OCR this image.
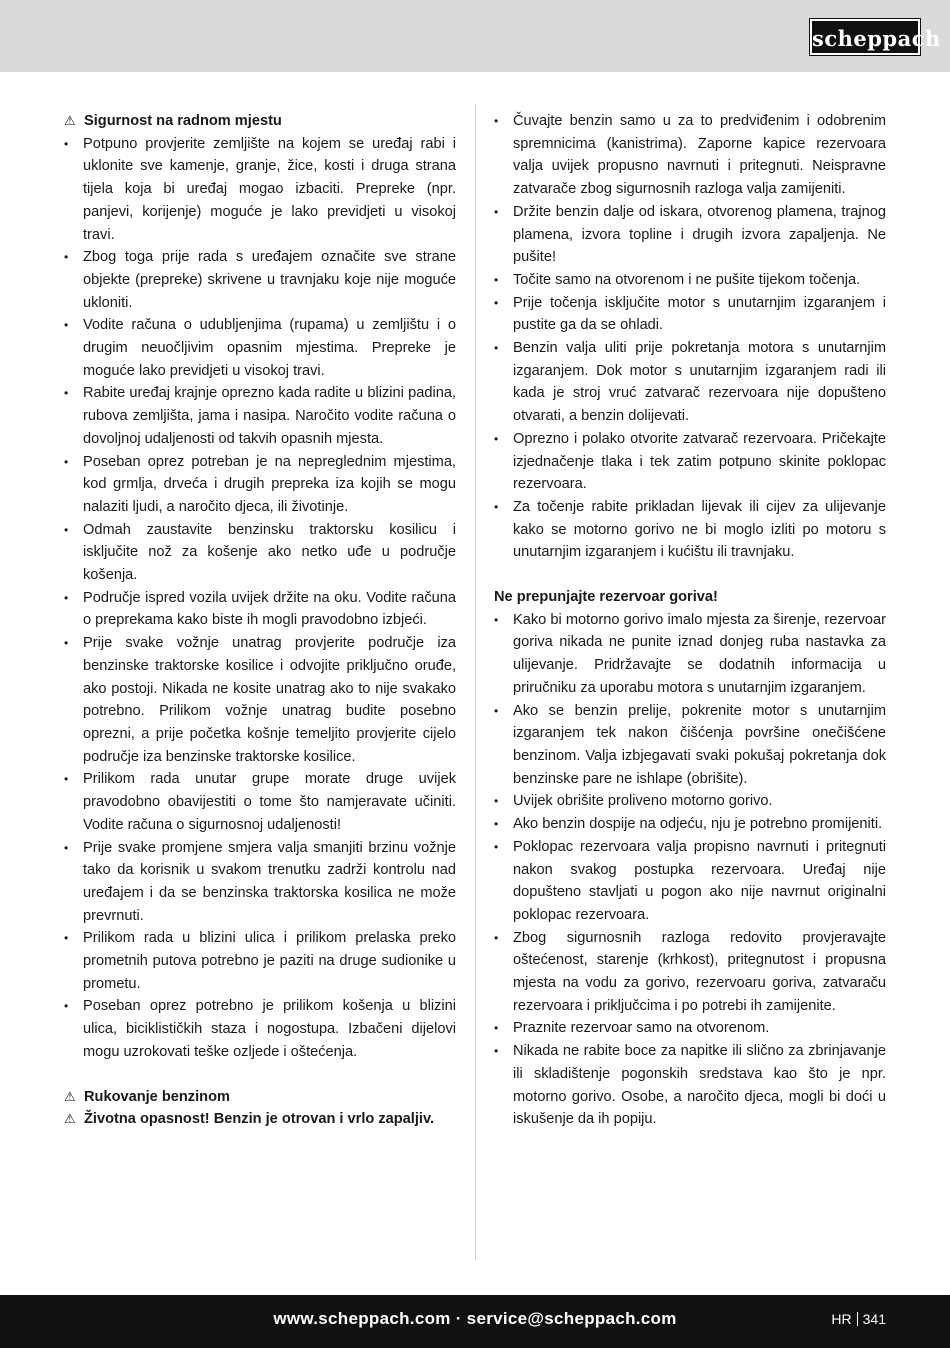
scheppach
⚠ Sigurnost na radnom mjestu
• Potpuno provjerite zemljište na kojem se uređaj rabi i uklonite sve kamenje, granje, žice, kosti i druga strana tijela koja bi uređaj mogao izbaciti. Prepreke (npr. panjevi, korijenje) moguće je lako previdjeti u visokoj travi.
• Zbog toga prije rada s uređajem označite sve strane objekte (prepreke) skrivene u travnjaku koje nije moguće ukloniti.
• Vodite računa o udubljenjima (rupama) u zemljištu i o drugim neuočljivim opasnim mjestima. Prepreke je moguće lako previdjeti u visokoj travi.
• Rabite uređaj krajnje oprezno kada radite u blizini padina, rubova zemljišta, jama i nasipa. Naročito vodite računa o dovoljnoj udaljenosti od takvih opasnih mjesta.
• Poseban oprez potreban je na nepreglednim mjestima, kod grmlja, drveća i drugih prepreka iza kojih se mogu nalaziti ljudi, a naročito djeca, ili životinje.
• Odmah zaustavite benzinsku traktorsku kosilicu i isključite nož za košenje ako netko uđe u područje košenja.
• Područje ispred vozila uvijek držite na oku. Vodite računa o preprekama kako biste ih mogli pravodobno izbjeći.
• Prije svake vožnje unatrag provjerite područje iza benzinske traktorske kosilice i odvojite priključno oruđe, ako postoji. Nikada ne kosite unatrag ako to nije svakako potrebno. Prilikom vožnje unatrag budite posebno oprezni, a prije početka košnje temeljito provjerite cijelo područje iza benzinske traktorske kosilice.
• Prilikom rada unutar grupe morate druge uvijek pravodobno obavijestiti o tome što namjeravate učiniti. Vodite računa o sigurnosnoj udaljenosti!
• Prije svake promjene smjera valja smanjiti brzinu vožnje tako da korisnik u svakom trenutku zadrži kontrolu nad uređajem i da se benzinska traktorska kosilica ne može prevrnuti.
• Prilikom rada u blizini ulica i prilikom prelaska preko prometnih putova potrebno je paziti na druge sudionike u prometu.
• Poseban oprez potrebno je prilikom košenja u blizini ulica, biciklističkih staza i nogostupa. Izbačeni dijelovi mogu uzrokovati teške ozljede i oštećenja.
⚠ Rukovanje benzinom
⚠ Životna opasnost! Benzin je otrovan i vrlo zapaljiv.
• Čuvajte benzin samo u za to predviđenim i odobrenim spremnicima (kanistrima). Zaporne kapice rezervoara valja uvijek propusno navrnuti i pritegnuti. Neispravne zatvarače zbog sigurnosnih razloga valja zamijeniti.
• Držite benzin dalje od iskara, otvorenog plamena, trajnog plamena, izvora topline i drugih izvora zapaljenja. Ne pušite!
• Točite samo na otvorenom i ne pušite tijekom točenja.
• Prije točenja isključite motor s unutarnjim izgaranjem i pustite ga da se ohladi.
• Benzin valja uliti prije pokretanja motora s unutarnjim izgaranjem. Dok motor s unutarnjim izgaranjem radi ili kada je stroj vruć zatvarač rezervoara nije dopušteno otvarati, a benzin dolijevati.
• Oprezno i polako otvorite zatvarač rezervoara. Pričekajte izjednačenje tlaka i tek zatim potpuno skinite poklopac rezervoara.
• Za točenje rabite prikladan lijevak ili cijev za ulijevanje kako se motorno gorivo ne bi moglo izliti po motoru s unutarnjim izgaranjem i kućištu ili travnjaku.
Ne prepunjajte rezervoar goriva!
• Kako bi motorno gorivo imalo mjesta za širenje, rezervoar goriva nikada ne punite iznad donjeg ruba nastavka za ulijevanje. Pridržavajte se dodatnih informacija u priručniku za uporabu motora s unutarnjim izgaranjem.
• Ako se benzin prelije, pokrenite motor s unutarnjim izgaranjem tek nakon čišćenja površine onečišćene benzinom. Valja izbjegavati svaki pokušaj pokretanja dok benzinske pare ne ishlape (obrišite).
• Uvijek obrišite proliveno motorno gorivo.
• Ako benzin dospije na odjeću, nju je potrebno promijeniti.
• Poklopac rezervoara valja propisno navrnuti i pritegnuti nakon svakog postupka rezervoara. Uređaj nije dopušteno stavljati u pogon ako nije navrnut originalni poklopac rezervoara.
• Zbog sigurnosnih razloga redovito provjeravajte oštećenost, starenje (krhkost), pritegnutost i propusna mjesta na vodu za gorivo, rezervoaru goriva, zatvaraču rezervoara i priključcima i po potrebi ih zamijenite.
• Praznite rezervoar samo na otvorenom.
• Nikada ne rabite boce za napitke ili slično za zbrinjavanje ili skladištenje pogonskih sredstava kao što je npr. motorno gorivo. Osobe, a naročito djeca, mogli bi doći u iskušenje da ih popiju.
www.scheppach.com · service@scheppach.com	HR 341
